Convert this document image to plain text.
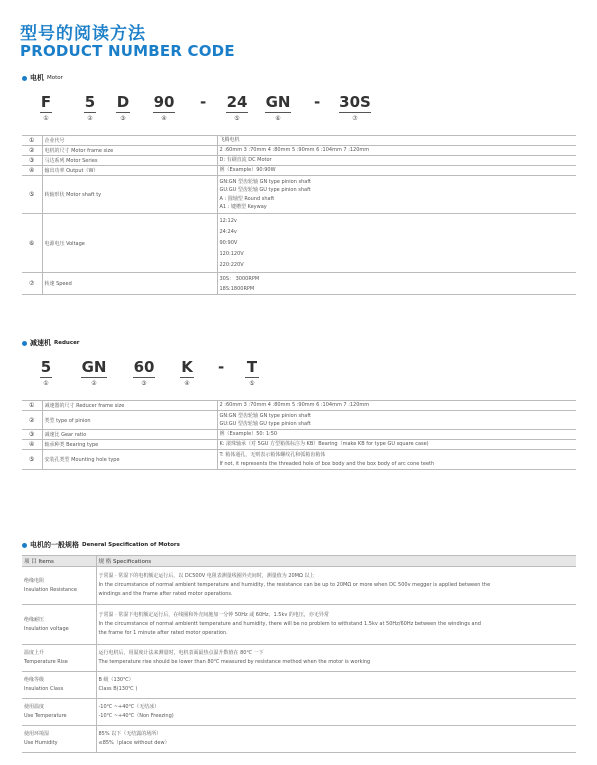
型号的阅读方法
PRODUCT NUMBER CODE
电机 Motor
F
①
5
②
D
③
90
④
-	24
⑤
GN
⑥
- 30S
⑦
①	企业代号	飞腾电机

②	电机的尺寸 Motor frame size	2 :60mm 3 :70mm 4 :80mm 5 :90mm 6 :104mm 7 :120mm

③	马达系列 Motor Series	D: 有刷直流 DC Motor

④	输出功率 Output（W）	例（Example）90:90W

⑤	转轴形状 Motor shaft ty	GN:GN 型齿轮轴 GN type pinion shaft
GU:GU 型齿轮轴 GU type pinion shaft
A : 圆轴型 Round shaft
A1 : 键槽型 Keyway

⑥	电源电压 Voltage	12:12v
24:24v
90:90V
120:120V
220:220V

⑦	转速 Speed	30S： 3000RPM
18S:1800RPM
减速机 Reducer
5
①
GN
②
60
③
K
④
-	T
⑤
①	减速器的尺寸 Reducer frame size	2 :60mm 3 :70mm 4 :80mm 5 :90mm 6 :104mm 7 :120mm

②	类型 type of pinion	GN:GN 型齿轮轴 GN type pinion shaft
GU:GU 型齿轮轴 GU type pinion shaft

③	减速比 Gear ratio	例（Example）50: 1:50

④	轴承种类 Bearing type	K: 滚珠轴承（对 5GU 方型箱体标注为 KB）Bearing（make KB for type GU square case)

⑤	安装孔类型 Mounting hole type	T: 箱体通孔，无则表示箱体螺纹孔和弧箱齿箱体
If not, it represents the threaded hole of box body and the box body of arc cone teeth
电机的一般规格 Deneral Specification of Motors
项 目 Items	规 格 Specifications

绝缘电阻
Insulation Resistance	于常温 · 常湿下的电机额定运行后，以 DC500V 电阻表测量线圈外壳间时，测量值为 20MΩ 以上
In the circumstance of normal ambient temperature and humidity, the resistance can be up to 20MΩ or more when DC 500v megger is applied between the
windings and the frame after rated motor operations.

绝缘耐压
Insulation voltage	于常温 · 常湿下电机额定运行后，在线圈和外壳间施加一分钟 50Hz 或 60Hz、1.5kv 的电压，亦无异常
In the circumstance of normal ambientt temperature and humidity, there will be no problem to withstand 1.5kv at 50Hz/60Hz between the windings and
the frame for 1 minute after rated motor operation.

温度上升
Temperature Rise	运行电机后，用温度计法来测量时，电机表面最热点温升数值在 80℃ 一下
The temperature rise should be lower than 80℃ measured by resistance method when the motor is working

绝缘等级
Insulation Class	B 级（130℃）
Class B(130℃ )

使用温度
Use Temperature	-10℃ ~+40℃（无结冰）
-10℃ ~+40℃（Non Freezing)

使用环境湿
Use Humidity	85% 以下（无结露的场所）
≤85%（place without dew）
